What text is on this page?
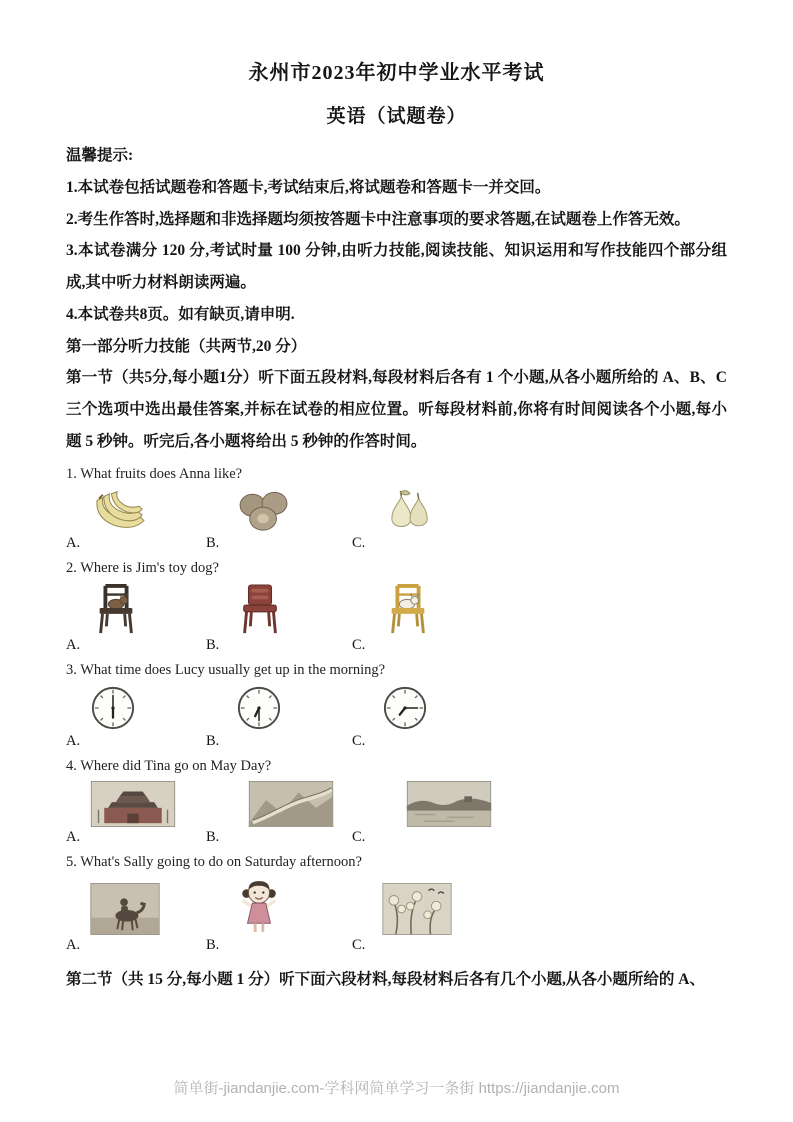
永州市2023年初中学业水平考试
英语（试题卷）

温馨提示:

1.本试卷包括试题卷和答题卡,考试结束后,将试题卷和答题卡一并交回。

2.考生作答时,选择题和非选择题均须按答题卡中注意事项的要求答题,在试题卷上作答无效。

3.本试卷满分 120 分,考试时量 100 分钟,由听力技能,阅读技能、知识运用和写作技能四个部分组成,其中听力材料朗读两遍。

4.本试卷共8页。如有缺页,请申明.

第一部分听力技能（共两节,20 分）

第一节（共5分,每小题1分）听下面五段材料,每段材料后各有 1 个小题,从各小题所给的 A、B、C 三个选项中选出最佳答案,并标在试卷的相应位置。听每段材料前,你将有时间阅读各个小题,每小题 5 秒钟。听完后,各小题将给出 5 秒钟的作答时间。

1. What fruits does Anna like?

A.	B.	C.

2. Where is Jim's toy dog?

A.	B.	C.

3. What time does Lucy usually get up in the morning?

A.	B.	C.

4. Where did Tina go on May Day?

A.	B.	C.

5. What's Sally going to do on Saturday afternoon?

A.	B.	C.

第二节（共 15 分,每小题 1 分）听下面六段材料,每段材料后各有几个小题,从各小题所给的 A、

简单街-jiandanjie.com-学科网简单学习一条街 https://jiandanjie.com
